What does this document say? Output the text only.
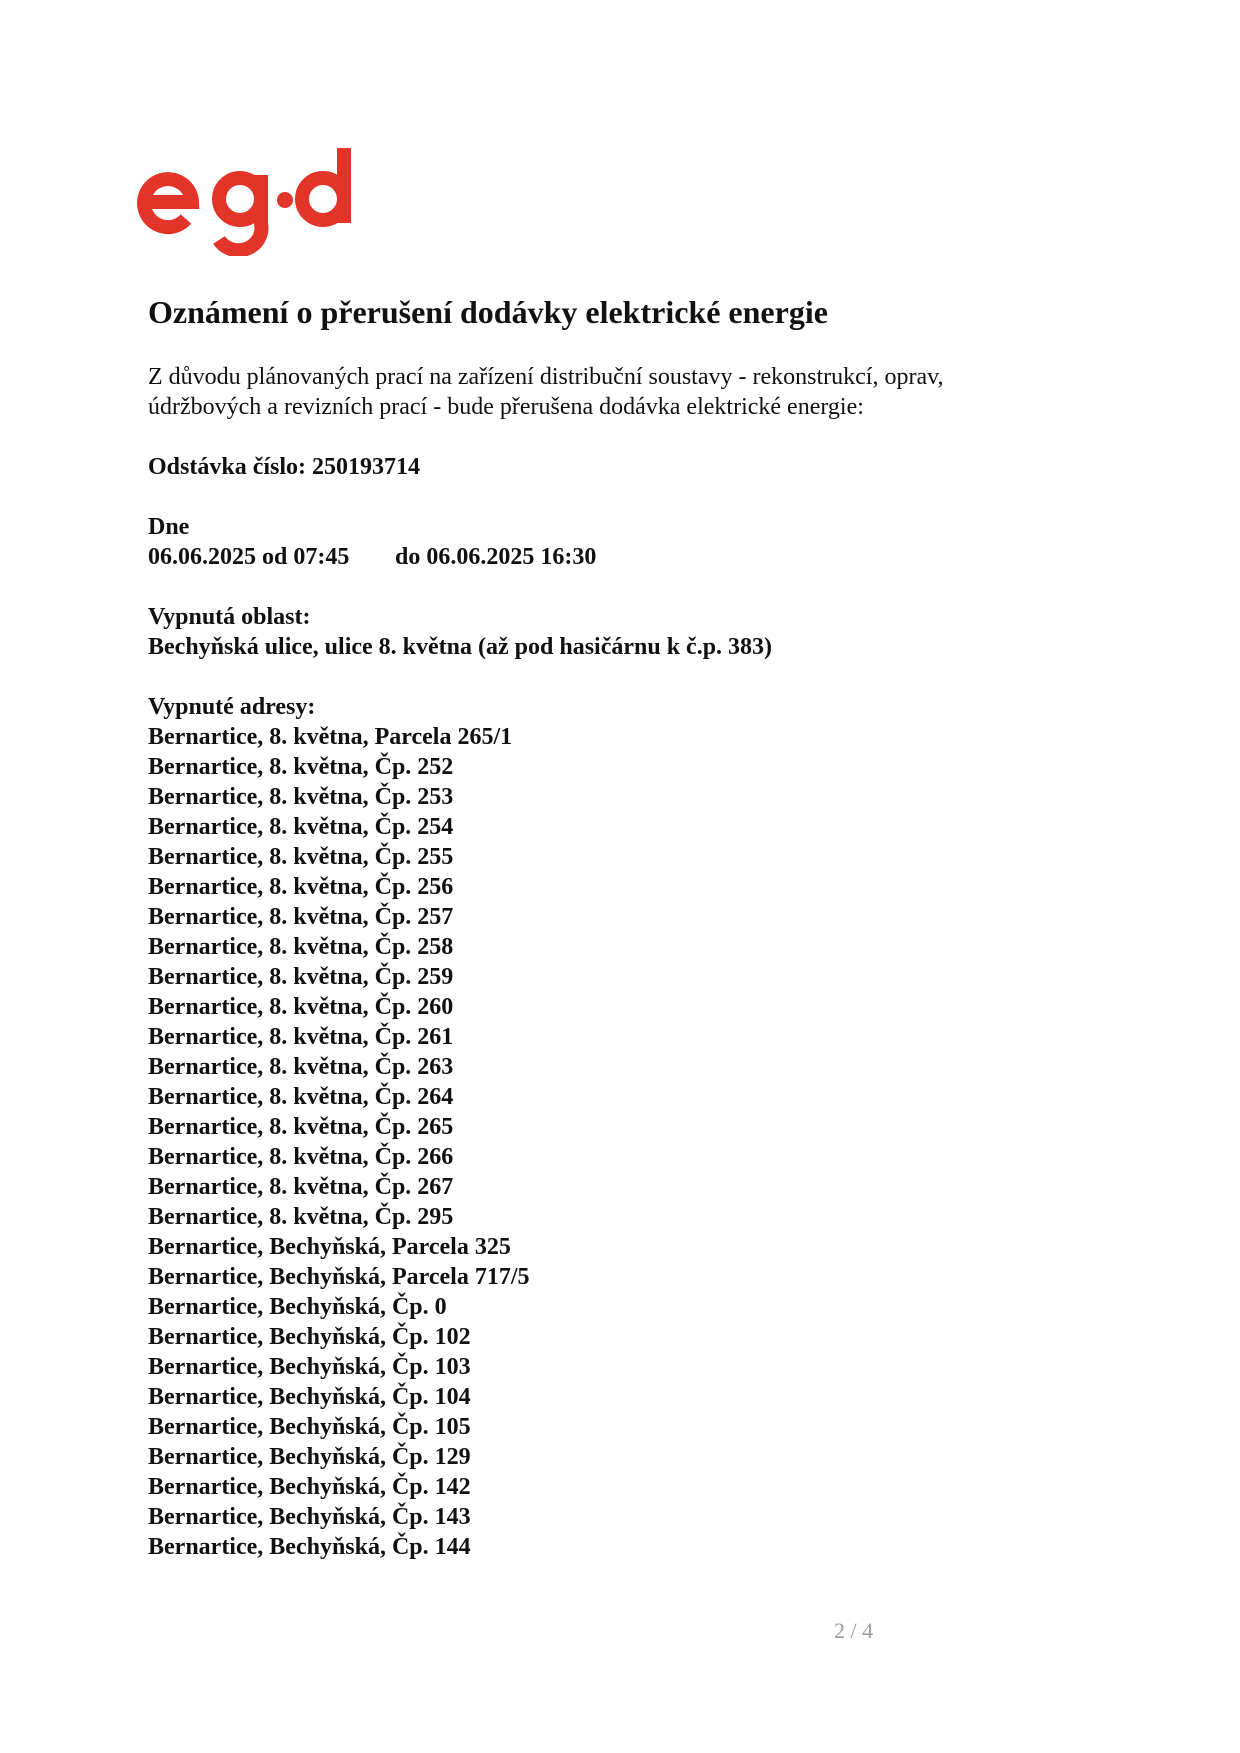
Oznámení o přerušení dodávky elektrické energie
Z důvodu plánovaných prací na zařízení distribuční soustavy - rekonstrukcí, oprav,
údržbových a revizních prací - bude přerušena dodávka elektrické energie:
Odstávka číslo: 250193714
Dne
06.06.2025 od 07:45 do 06.06.2025 16:30
Vypnutá oblast:
Bechyňská ulice, ulice 8. května (až pod hasičárnu k č.p. 383)
Vypnuté adresy:
Bernartice, 8. května, Parcela 265/1
Bernartice, 8. května, Čp. 252
Bernartice, 8. května, Čp. 253
Bernartice, 8. května, Čp. 254
Bernartice, 8. května, Čp. 255
Bernartice, 8. května, Čp. 256
Bernartice, 8. května, Čp. 257
Bernartice, 8. května, Čp. 258
Bernartice, 8. května, Čp. 259
Bernartice, 8. května, Čp. 260
Bernartice, 8. května, Čp. 261
Bernartice, 8. května, Čp. 263
Bernartice, 8. května, Čp. 264
Bernartice, 8. května, Čp. 265
Bernartice, 8. května, Čp. 266
Bernartice, 8. května, Čp. 267
Bernartice, 8. května, Čp. 295
Bernartice, Bechyňská, Parcela 325
Bernartice, Bechyňská, Parcela 717/5
Bernartice, Bechyňská, Čp. 0
Bernartice, Bechyňská, Čp. 102
Bernartice, Bechyňská, Čp. 103
Bernartice, Bechyňská, Čp. 104
Bernartice, Bechyňská, Čp. 105
Bernartice, Bechyňská, Čp. 129
Bernartice, Bechyňská, Čp. 142
Bernartice, Bechyňská, Čp. 143
Bernartice, Bechyňská, Čp. 144
2 / 4
